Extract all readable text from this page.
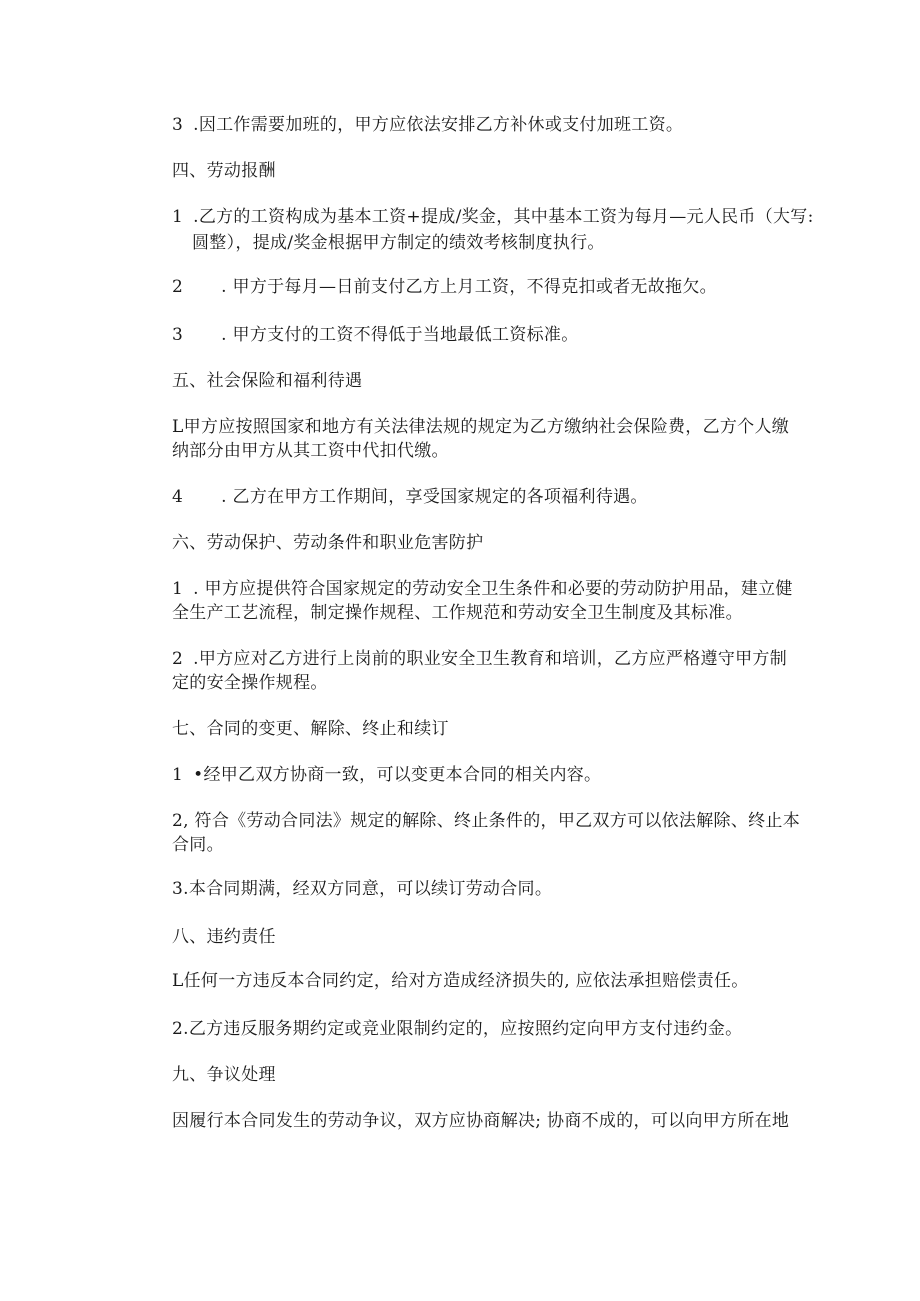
3 .因工作需要加班的，甲方应依法安排乙方补休或支付加班工资。
四、劳动报酬
1 .乙方的工资构成为基本工资+提成/奖金，其中基本工资为每月—元人民币（大写:
圆整），提成/奖金根据甲方制定的绩效考核制度执行。
2 . 甲方于每月—日前支付乙方上月工资，不得克扣或者无故拖欠。
3 . 甲方支付的工资不得低于当地最低工资标准。
五、社会保险和福利待遇
L甲方应按照国家和地方有关法律法规的规定为乙方缴纳社会保险费，乙方个人缴
纳部分由甲方从其工资中代扣代缴。
4 . 乙方在甲方工作期间，享受国家规定的各项福利待遇。
六、劳动保护、劳动条件和职业危害防护
1 . 甲方应提供符合国家规定的劳动安全卫生条件和必要的劳动防护用品，建立健
全生产工艺流程，制定操作规程、工作规范和劳动安全卫生制度及其标准。
2 .甲方应对乙方进行上岗前的职业安全卫生教育和培训，乙方应严格遵守甲方制
定的安全操作规程。
七、合同的变更、解除、终止和续订
1 •经甲乙双方协商一致，可以变更本合同的相关内容。
2, 符合《劳动合同法》规定的解除、终止条件的，甲乙双方可以依法解除、终止本
合同。
3.本合同期满，经双方同意，可以续订劳动合同。
八、违约责任
L任何一方违反本合同约定，给对方造成经济损失的, 应依法承担赔偿责任。
2.乙方违反服务期约定或竞业限制约定的，应按照约定向甲方支付违约金。
九、争议处理
因履行本合同发生的劳动争议，双方应协商解决; 协商不成的，可以向甲方所在地
